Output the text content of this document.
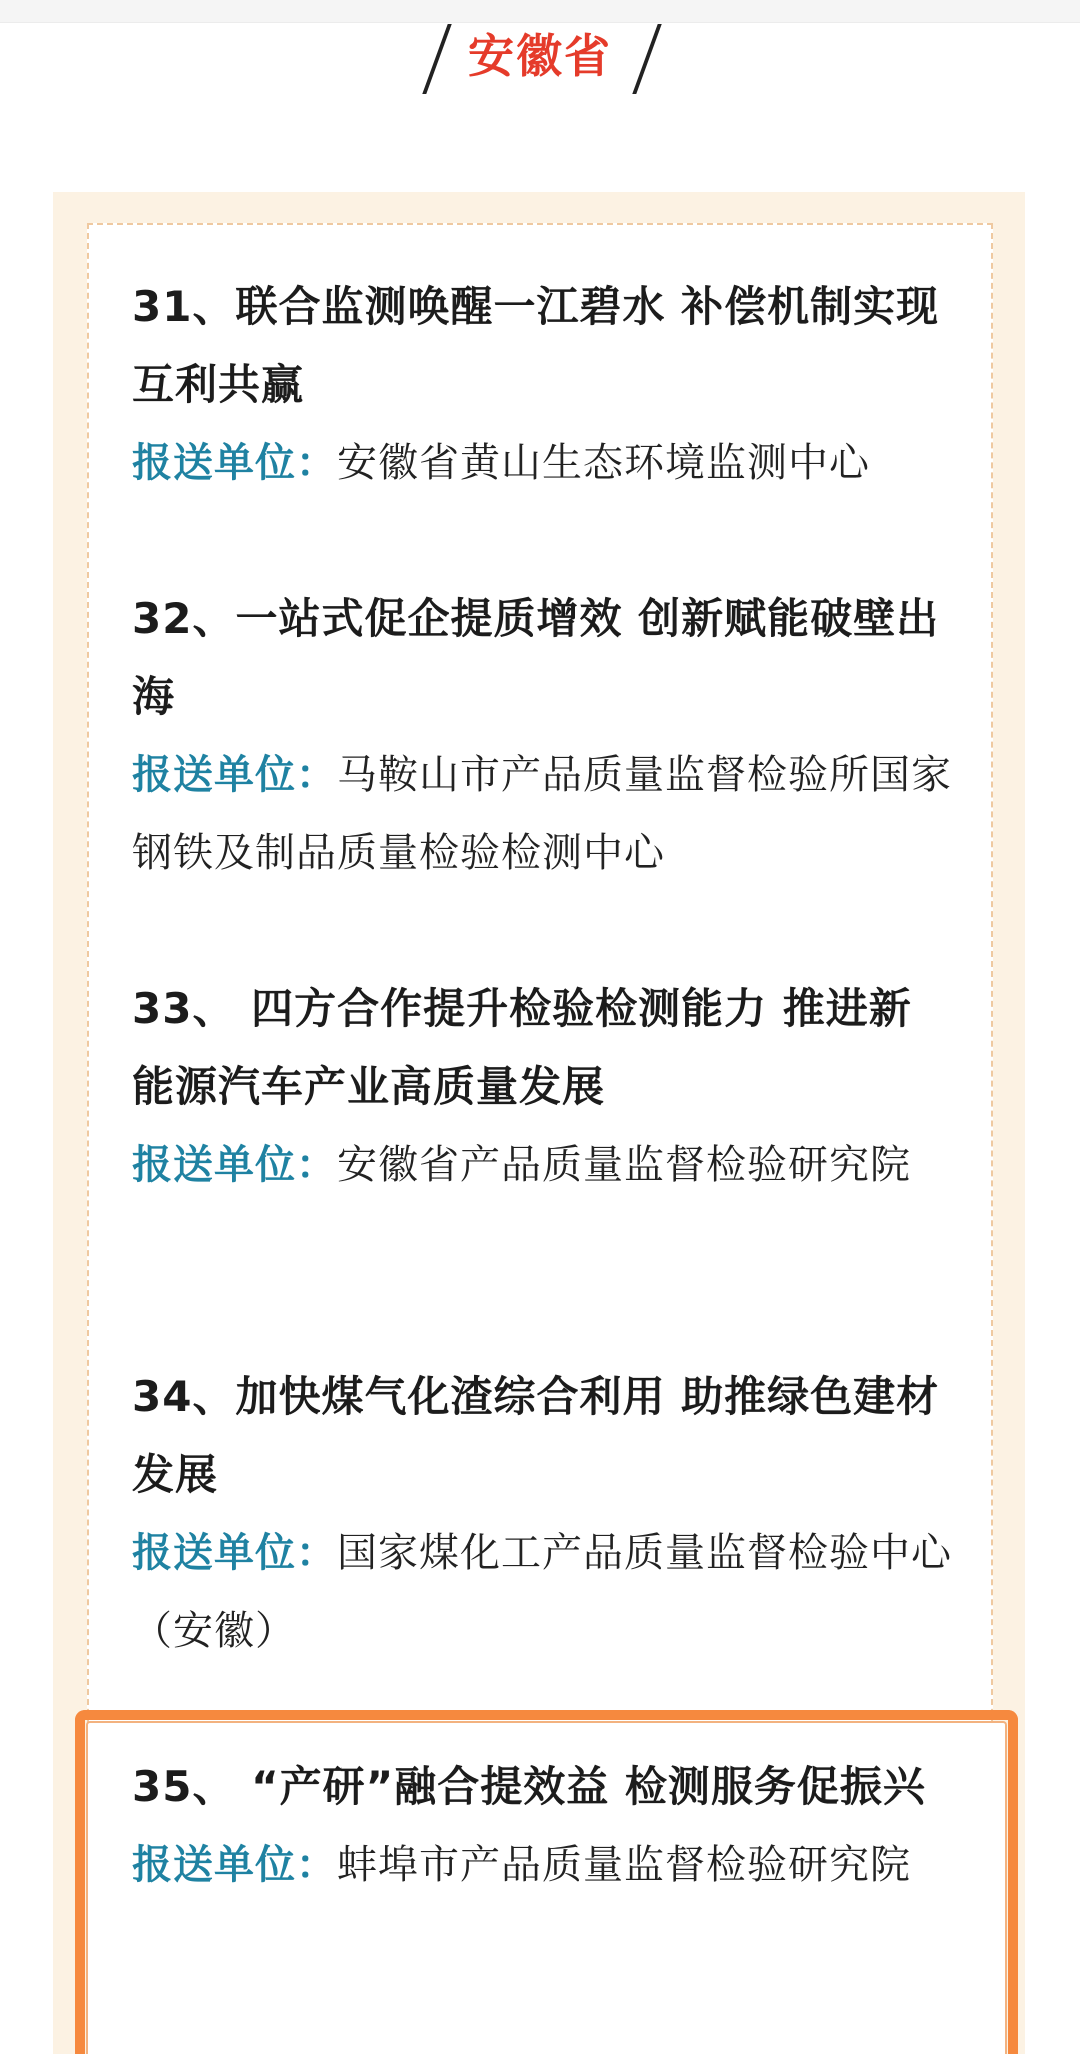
安徽省

31、联合监测唤醒一江碧水 补偿机制实现互利共赢

报送单位：安徽省黄山生态环境监测中心

32、一站式促企提质增效 创新赋能破壁出海

报送单位：马鞍山市产品质量监督检验所国家钢铁及制品质量检验检测中心

33、 四方合作提升检验检测能力 推进新能源汽车产业高质量发展

报送单位：安徽省产品质量监督检验研究院

34、加快煤气化渣综合利用 助推绿色建材发展

报送单位：国家煤化工产品质量监督检验中心（安徽）

35、 “产研”融合提效益 检测服务促振兴

报送单位：蚌埠市产品质量监督检验研究院
